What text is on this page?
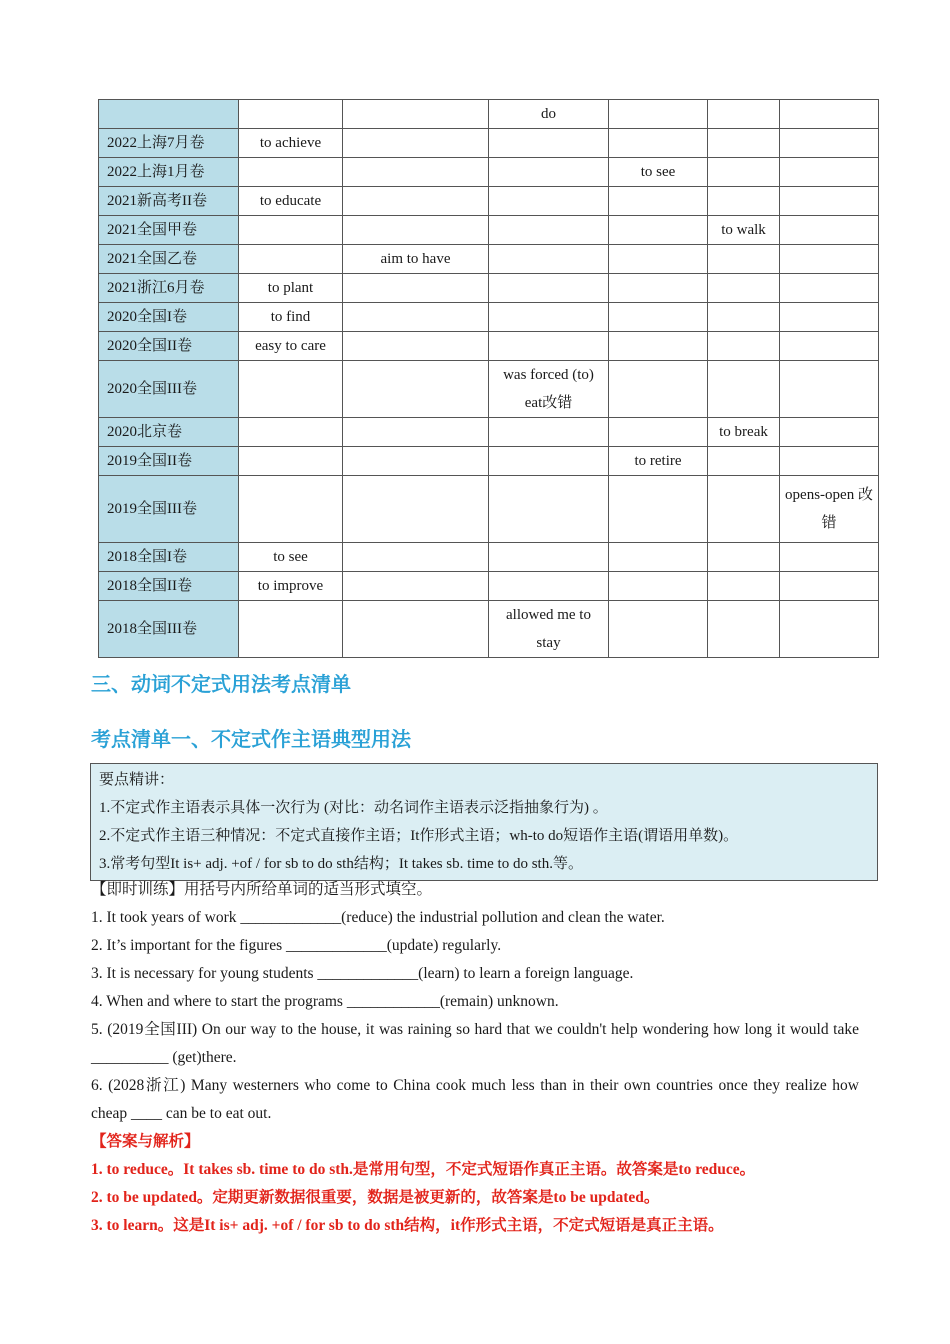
			do			
2022上海7月卷	to achieve					
2022上海1月卷				to see		
2021新高考II卷	to educate					
2021全国甲卷					to walk	
2021全国乙卷		aim to have				
2021浙江6月卷	to plant					
2020全国I卷	to find					
2020全国II卷	easy to care					
2020全国III卷			was forced (to) eat改错			
2020北京卷					to break	
2019全国II卷				to retire		
2019全国III卷						opens-open 改错
2018全国I卷	to see					
2018全国II卷	to improve					
2018全国III卷			allowed me to stay			
三、动词不定式用法考点清单
考点清单一、不定式作主语典型用法
要点精讲：
1.不定式作主语表示具体一次行为 (对比：动名词作主语表示泛指抽象行为) 。
2.不定式作主语三种情况：不定式直接作主语；It作形式主语；wh-to do短语作主语(谓语用单数)。
3.常考句型It is+ adj. +of / for sb to do sth结构；It takes sb. time to do sth.等。

【即时训练】用括号内所给单词的适当形式填空。

1. It took years of work _____________(reduce) the industrial pollution and clean the water.

2. It’s important for the figures _____________(update) regularly.

3. It is necessary for young students _____________(learn) to learn a foreign language.

4. When and where to start the programs ____________(remain) unknown.

5. (2019全国III) On our way to the house, it was raining so hard that we couldn't help wondering how long it would take __________ (get)there.

6. (2028浙江) Many westerners who come to China cook much less than in their own countries once they realize how cheap ____ can be to eat out.

【答案与解析】

1. to reduce。It takes sb. time to do sth.是常用句型，不定式短语作真正主语。故答案是to reduce。

2. to be updated。定期更新数据很重要，数据是被更新的，故答案是to be updated。

3. to learn。这是It is+ adj. +of / for sb to do sth结构，it作形式主语，不定式短语是真正主语。
